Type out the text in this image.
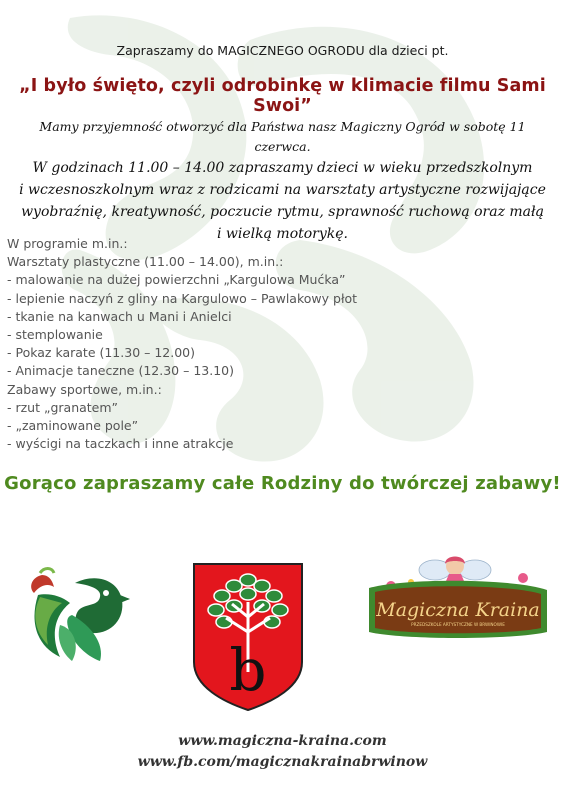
Zapraszamy do MAGICZNEGO OGRODU dla dzieci pt.
„I było święto, czyli odrobinkę w klimacie filmu Sami Swoi”
Mamy przyjemność otworzyć dla Państwa nasz Magiczny Ogród w sobotę 11 czerwca.
W godzinach 11.00 – 14.00 zapraszamy dzieci w wieku przedszkolnym
i wczesnoszkolnym wraz z rodzicami na warsztaty artystyczne rozwijające
wyobraźnię, kreatywność, poczucie rytmu, sprawność ruchową oraz małą
i wielką motorykę.
W programie m.in.:
Warsztaty plastyczne (11.00 – 14.00), m.in.:
- malowanie na dużej powierzchni „Kargulowa Mućka”
- lepienie naczyń z gliny na Kargulowo – Pawlakowy płot
- tkanie na kanwach u Mani i Anielci
- stemplowanie
- Pokaz karate (11.30 – 12.00)
- Animacje taneczne (12.30 – 13.10)
Zabawy sportowe, m.in.:
- rzut „granatem”
- „zaminowane pole”
- wyścigi na taczkach i inne atrakcje
Gorąco zapraszamy całe Rodziny do twórczej zabawy!
b
Magiczna Kraina
PRZEDSZKOLE ARTYSTYCZNE W BRWINOWIE
www.magiczna-kraina.com
www.fb.com/magicznakrainabrwinow
